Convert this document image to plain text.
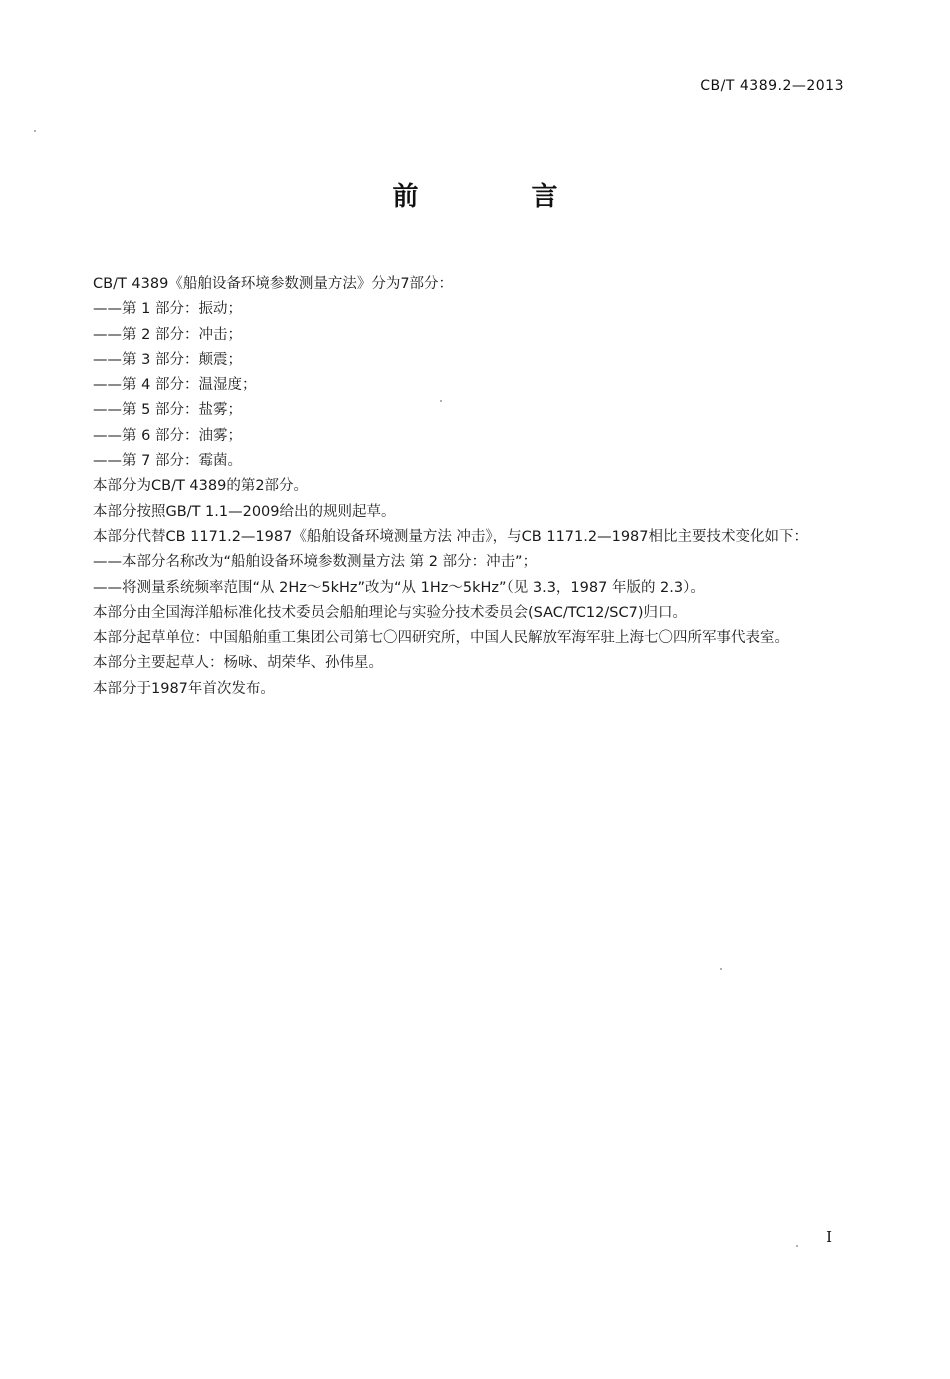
CB/T 4389.2—2013
前 言

CB/T 4389《船舶设备环境参数测量方法》分为7部分：

——第 1 部分：振动；

——第 2 部分：冲击；

——第 3 部分：颠震；

——第 4 部分：温湿度；

——第 5 部分：盐雾；

——第 6 部分：油雾；

——第 7 部分：霉菌。

本部分为CB/T 4389的第2部分。

本部分按照GB/T 1.1—2009给出的规则起草。

本部分代替CB 1171.2—1987《船舶设备环境测量方法 冲击》，与CB 1171.2—1987相比主要技术变化如下：

——本部分名称改为“船舶设备环境参数测量方法 第 2 部分：冲击”；

——将测量系统频率范围“从 2Hz～5kHz”改为“从 1Hz～5kHz”（见 3.3，1987 年版的 2.3）。

本部分由全国海洋船标准化技术委员会船舶理论与实验分技术委员会(SAC/TC12/SC7)归口。

本部分起草单位：中国船舶重工集团公司第七〇四研究所，中国人民解放军海军驻上海七〇四所军事代表室。

本部分主要起草人：杨咏、胡荣华、孙伟星。

本部分于1987年首次发布。

I
